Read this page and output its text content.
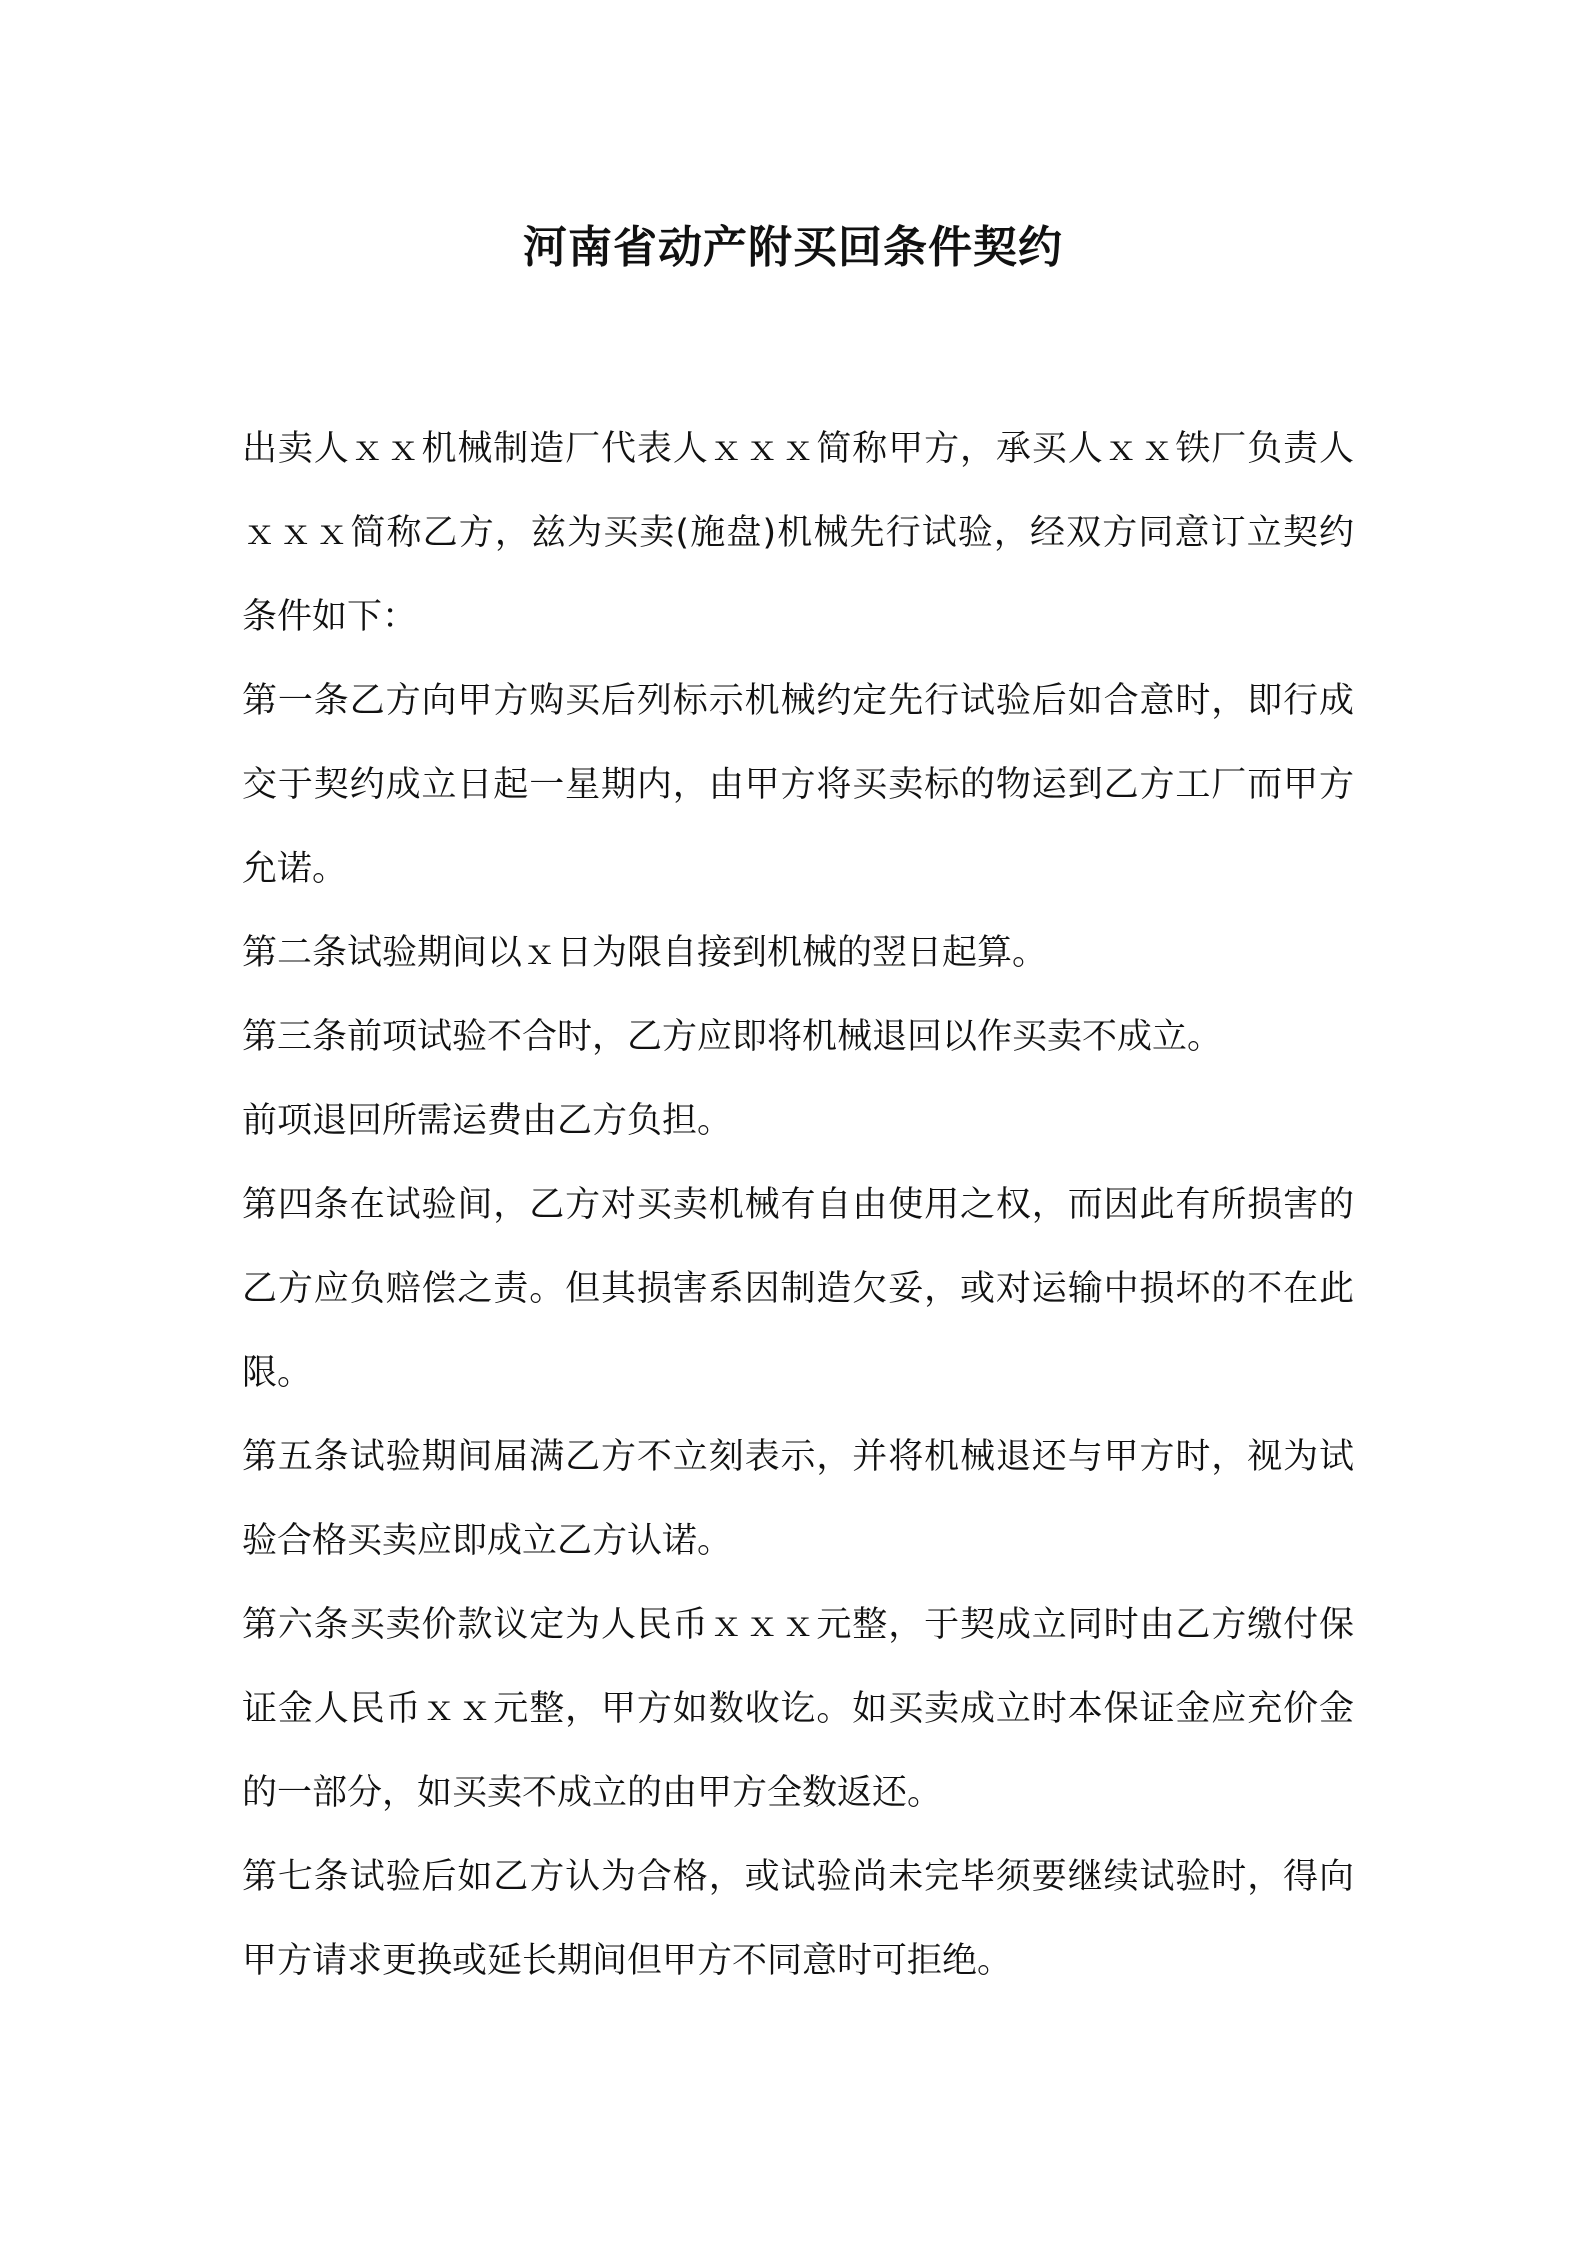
河南省动产附买回条件契约

出卖人ｘｘ机械制造厂代表人ｘｘｘ简称甲方，承买人ｘｘ铁厂负责人ｘｘｘ简称乙方，兹为买卖(施盘)机械先行试验，经双方同意订立契约条件如下：

第一条乙方向甲方购买后列标示机械约定先行试验后如合意时，即行成交于契约成立日起一星期内，由甲方将买卖标的物运到乙方工厂而甲方允诺。

第二条试验期间以ｘ日为限自接到机械的翌日起算。

第三条前项试验不合时，乙方应即将机械退回以作买卖不成立。

前项退回所需运费由乙方负担。

第四条在试验间，乙方对买卖机械有自由使用之权，而因此有所损害的乙方应负赔偿之责。但其损害系因制造欠妥，或对运输中损坏的不在此限。

第五条试验期间届满乙方不立刻表示，并将机械退还与甲方时，视为试验合格买卖应即成立乙方认诺。

第六条买卖价款议定为人民币ｘｘｘ元整，于契成立同时由乙方缴付保证金人民币ｘｘ元整，甲方如数收讫。如买卖成立时本保证金应充价金的一部分，如买卖不成立的由甲方全数返还。

第七条试验后如乙方认为合格，或试验尚未完毕须要继续试验时，得向甲方请求更换或延长期间但甲方不同意时可拒绝。
